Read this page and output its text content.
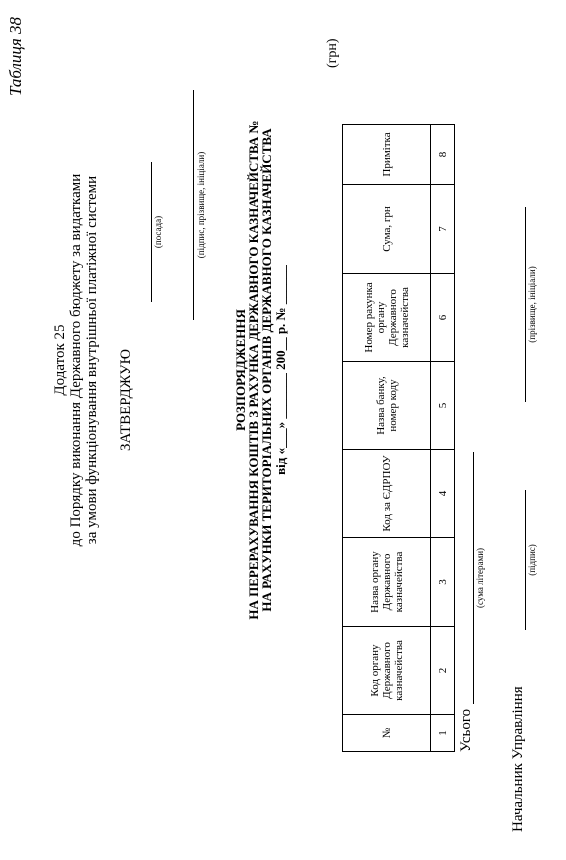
Таблиця 38
Додаток 25 до Порядку виконання Державного бюджету за видатками за умови функціонування внутрішньої платіжної системи ЗАТВЕРДЖУЮ
(посада)	(підпис, прізвище, ініціали)
РОЗПОРЯДЖЕННЯ
НА ПЕРЕРАХУВАННЯ КОШТІВ З РАХУНКА ДЕРЖАВНОГО КАЗНАЧЕЙСТВА №
НА РАХУНКИ ТЕРИТОРІАЛЬНИХ ОРГАНІВ ДЕРЖАВНОГО КАЗНАЧЕЙСТВА від «___» _______ 200__ р. № ______
(грн)
№	Код органу Державного казначейства	Назва органу Державного казначейства	Код за ЄДРПОУ	Назва банку, номер коду	Номер рахунка органу Державного казначейства	Сума, грн	Примітка
1	2	3	4	5	6	7	8
Усього
(сума літерами)
Начальник Управління
(підпис)
(прізвище, ініціали)
